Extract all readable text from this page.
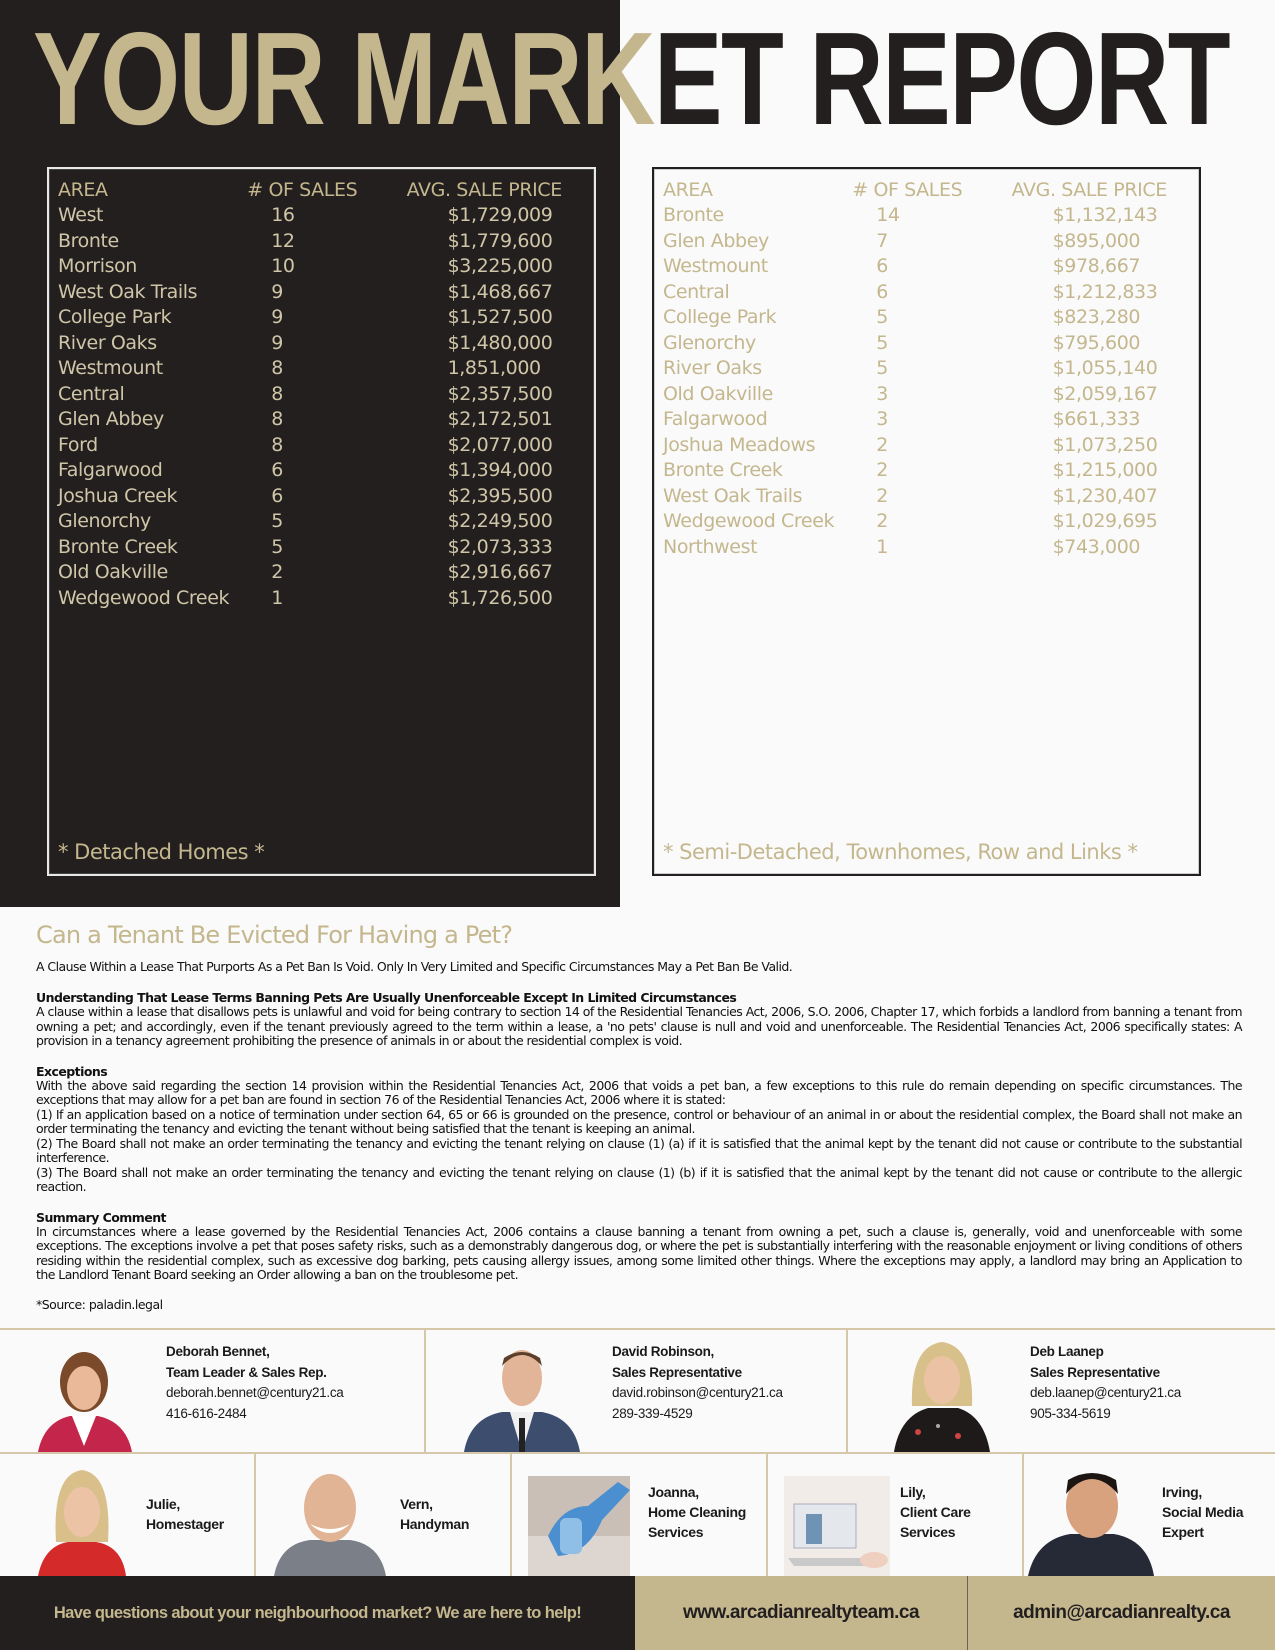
YOUR MARKET REPORT
AREA	# OF SALES	AVG. SALE PRICE
West	16	$1,729,009
Bronte	12	$1,779,600
Morrison	10	$3,225,000
West Oak Trails	9	$1,468,667
College Park	9	$1,527,500
River Oaks	9	$1,480,000
Westmount	8	1,851,000
Central	8	$2,357,500
Glen Abbey	8	$2,172,501
Ford	8	$2,077,000
Falgarwood	6	$1,394,000
Joshua Creek	6	$2,395,500
Glenorchy	5	$2,249,500
Bronte Creek	5	$2,073,333
Old Oakville	2	$2,916,667
Wedgewood Creek	1	$1,726,500
* Detached Homes *
AREA	# OF SALES	AVG. SALE PRICE
Bronte	14	$1,132,143
Glen Abbey	7	$895,000
Westmount	6	$978,667
Central	6	$1,212,833
College Park	5	$823,280
Glenorchy	5	$795,600
River Oaks	5	$1,055,140
Old Oakville	3	$2,059,167
Falgarwood	3	$661,333
Joshua Meadows	2	$1,073,250
Bronte Creek	2	$1,215,000
West Oak Trails	2	$1,230,407
Wedgewood Creek	2	$1,029,695
Northwest	1	$743,000
* Semi-Detached, Townhomes, Row and Links *
Can a Tenant Be Evicted For Having a Pet?
A Clause Within a Lease That Purports As a Pet Ban Is Void. Only In Very Limited and Specific Circumstances May a Pet Ban Be Valid.
Understanding That Lease Terms Banning Pets Are Usually Unenforceable Except In Limited Circumstances
A clause within a lease that disallows pets is unlawful and void for being contrary to section 14 of the Residential Tenancies Act, 2006, S.O. 2006, Chapter 17, which forbids a landlord from banning a tenant from owning a pet; and accordingly, even if the tenant previously agreed to the term within a lease, a 'no pets' clause is null and void and unenforceable. The Residential Tenancies Act, 2006 specifically states: A provision in a tenancy agreement prohibiting the presence of animals in or about the residential complex is void.
Exceptions
With the above said regarding the section 14 provision within the Residential Tenancies Act, 2006 that voids a pet ban, a few exceptions to this rule do remain depending on specific circumstances. The exceptions that may allow for a pet ban are found in section 76 of the Residential Tenancies Act, 2006 where it is stated:
(1) If an application based on a notice of termination under section 64, 65 or 66 is grounded on the presence, control or behaviour of an animal in or about the residential complex, the Board shall not make an order terminating the tenancy and evicting the tenant without being satisfied that the tenant is keeping an animal.
(2) The Board shall not make an order terminating the tenancy and evicting the tenant relying on clause (1) (a) if it is satisfied that the animal kept by the tenant did not cause or contribute to the substantial interference.
(3) The Board shall not make an order terminating the tenancy and evicting the tenant relying on clause (1) (b) if it is satisfied that the animal kept by the tenant did not cause or contribute to the allergic reaction.
Summary Comment
In circumstances where a lease governed by the Residential Tenancies Act, 2006 contains a clause banning a tenant from owning a pet, such a clause is, generally, void and unenforceable with some exceptions. The exceptions involve a pet that poses safety risks, such as a demonstrably dangerous dog, or where the pet is substantially interfering with the reasonable enjoyment or living conditions of others residing within the residential complex, such as excessive dog barking, pets causing allergy issues, among some limited other things. Where the exceptions may apply, a landlord may bring an Application to the Landlord Tenant Board seeking an Order allowing a ban on the troublesome pet.
*Source: paladin.legal
Deborah Bennet,
Team Leader & Sales Rep.
deborah.bennet@century21.ca
416-616-2484
David Robinson,
Sales Representative
david.robinson@century21.ca
289-339-4529
Deb Laanep
Sales Representative
deb.laanep@century21.ca
905-334-5619
Julie,
Homestager
Vern,
Handyman
Joanna,
Home Cleaning
Services
Lily,
Client Care
Services
Irving,
Social Media
Expert
Have questions about your neighbourhood market? We are here to help!	www.arcadianrealtyteam.ca	admin@arcadianrealty.ca
